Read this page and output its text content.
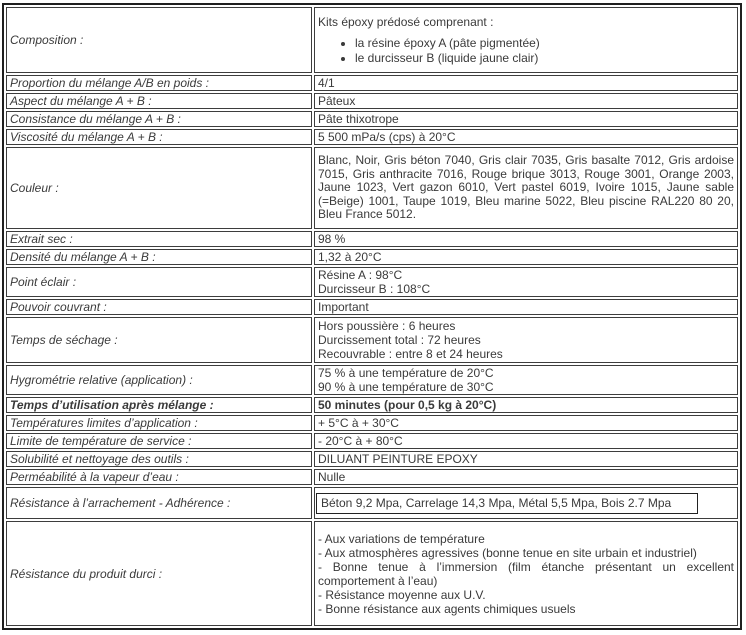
Composition :	
Kits époxy prédosé comprenant :
• la résine époxy A (pâte pigmentée)
• le durcisseur B (liquide jaune clair)

Proportion du mélange A/B en poids :	4/1
Aspect du mélange A + B :	Pâteux
Consistance du mélange A + B :	Pâte thixotrope
Viscosité du mélange A + B :	5 500 mPa/s (cps) à 20°C
Couleur :	Blanc, Noir, Gris béton 7040, Gris clair 7035, Gris basalte 7012, Gris ardoise 7015, Gris anthracite 7016, Rouge brique 3013, Rouge 3001, Orange 2003, Jaune 1023, Vert gazon 6010, Vert pastel 6019, Ivoire 1015, Jaune sable (=Beige) 1001, Taupe 1019, Bleu marine 5022, Bleu piscine RAL220 80 20, Bleu France 5012.

Extrait sec :	98 %
Densité du mélange A + B :	1,32 à 20°C
Point éclair :	Résine A : 98°C
Durcisseur B : 108°C

Pouvoir couvrant :	Important
Temps de séchage :	Hors poussière : 6 heures
Durcissement total : 72 heures
Recouvrable : entre 8 et 24 heures

Hygrométrie relative (application) :	75 % à une température de 20°C
90 % à une température de 30°C

Temps d’utilisation après mélange :	50 minutes (pour 0,5 kg à 20°C)
Températures limites d’application :	+ 5°C à + 30°C
Limite de température de service :	- 20°C à + 80°C
Solubilité et nettoyage des outils :	DILUANT PEINTURE EPOXY
Perméabilité à la vapeur d’eau :	Nulle
Résistance à l’arrachement - Adhérence :	Béton 9,2 Mpa, Carrelage 14,3 Mpa, Métal 5,5 Mpa, Bois 2.7 Mpa

Résistance du produit durci :	- Aux variations de température
- Aux atmosphères agressives (bonne tenue en site urbain et industriel)
- Bonne tenue à l’immersion (film étanche présentant un excellent comportement à l’eau)
- Résistance moyenne aux U.V.
- Bonne résistance aux agents chimiques usuels
